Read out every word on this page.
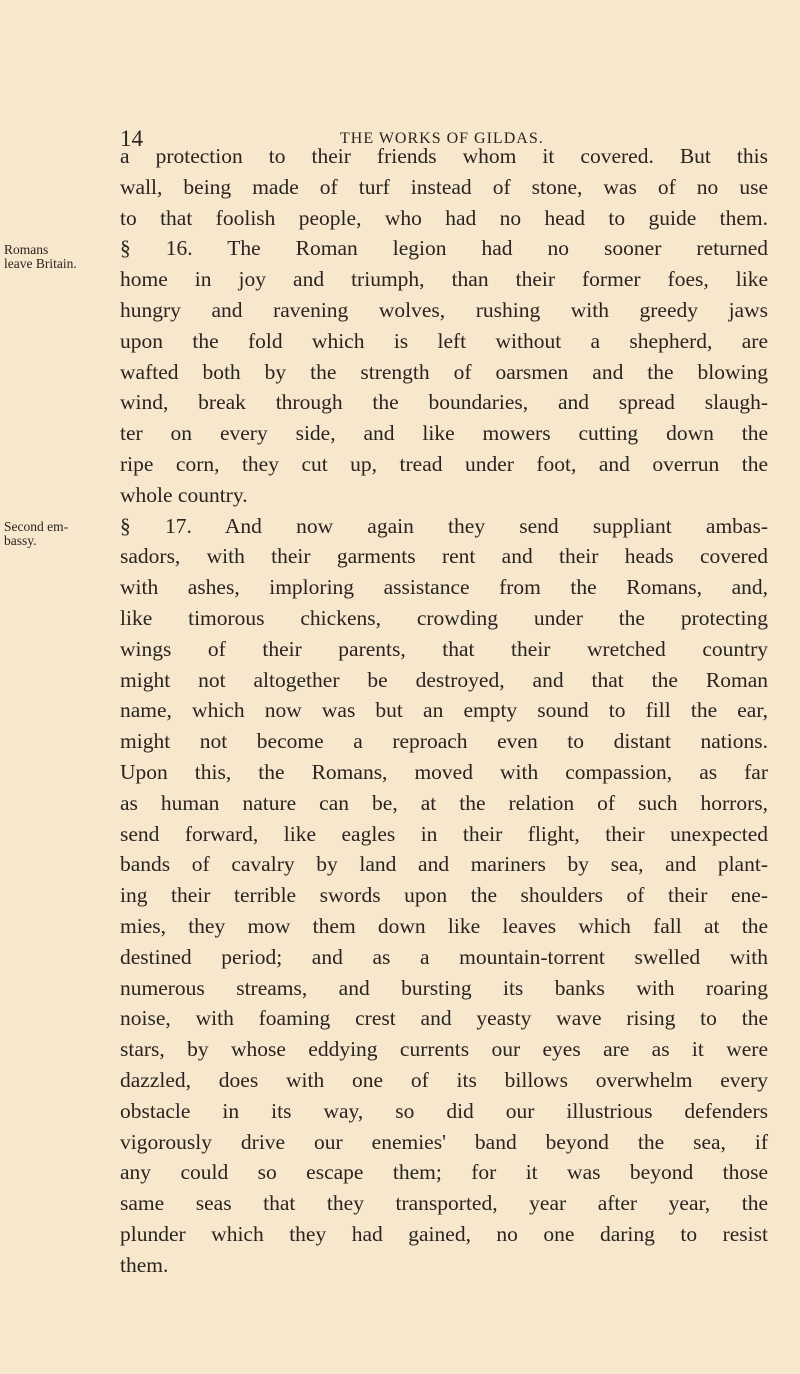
14	THE WORKS OF GILDAS.
Romans
leave Britain.
Second em-
bassy.
a protection to their friends whom it covered. But this
wall, being made of turf instead of stone, was of no use
to that foolish people, who had no head to guide them.
§ 16. The Roman legion had no sooner returned
home in joy and triumph, than their former foes, like
hungry and ravening wolves, rushing with greedy jaws
upon the fold which is left without a shepherd, are
wafted both by the strength of oarsmen and the blowing
wind, break through the boundaries, and spread slaugh-
ter on every side, and like mowers cutting down the
ripe corn, they cut up, tread under foot, and overrun the
whole country.
§ 17. And now again they send suppliant ambas-
sadors, with their garments rent and their heads covered
with ashes, imploring assistance from the Romans, and,
like timorous chickens, crowding under the protecting
wings of their parents, that their wretched country
might not altogether be destroyed, and that the Roman
name, which now was but an empty sound to fill the ear,
might not become a reproach even to distant nations.
Upon this, the Romans, moved with compassion, as far
as human nature can be, at the relation of such horrors,
send forward, like eagles in their flight, their unexpected
bands of cavalry by land and mariners by sea, and plant-
ing their terrible swords upon the shoulders of their ene-
mies, they mow them down like leaves which fall at the
destined period; and as a mountain-torrent swelled with
numerous streams, and bursting its banks with roaring
noise, with foaming crest and yeasty wave rising to the
stars, by whose eddying currents our eyes are as it were
dazzled, does with one of its billows overwhelm every
obstacle in its way, so did our illustrious defenders
vigorously drive our enemies' band beyond the sea, if
any could so escape them; for it was beyond those
same seas that they transported, year after year, the
plunder which they had gained, no one daring to resist
them.
